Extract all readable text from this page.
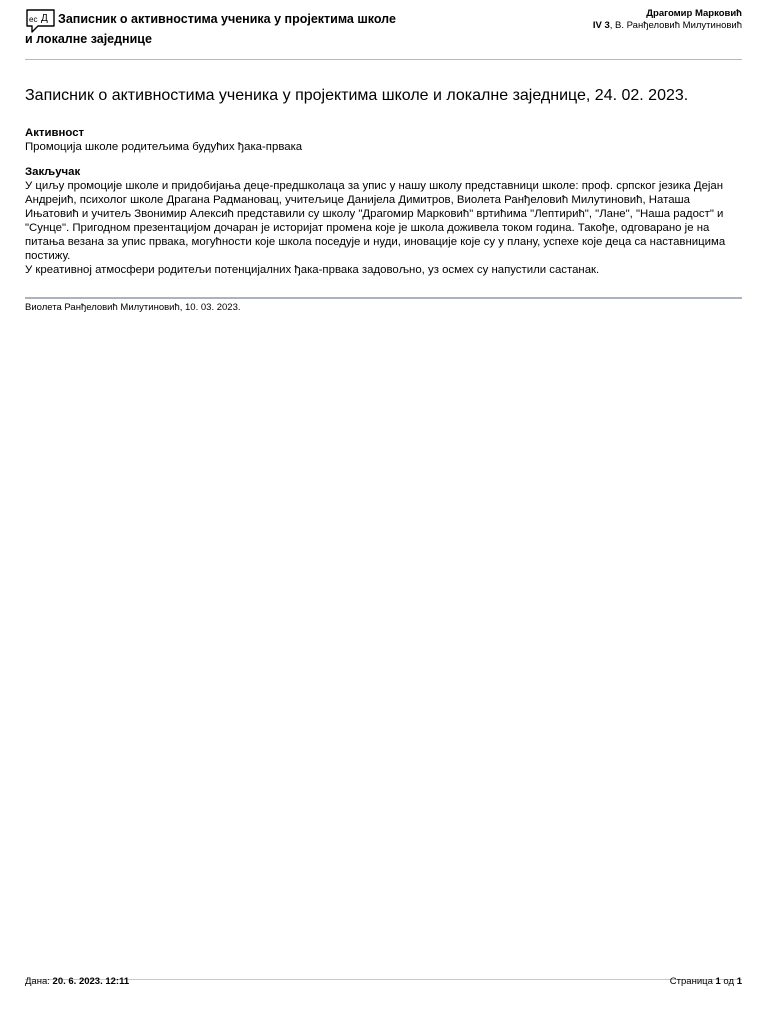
ес Д Записник о активностима ученика у пројектима школе и локалне заједнице
Драгомир Марковић
IV 3, В. Ранђеловић Милутиновић
Записник о активностима ученика у пројектима школе и локалне заједнице, 24. 02. 2023.
Активност
Промоција школе родитељима будућих ђака-првака
Закључак
У циљу промоције школе и придобијања деце-предшколаца за упис у нашу школу представници школе: проф. српског језика Дејан Андрејић, психолог школе Драгана Радмановац, учитељице Данијела Димитров, Виолета Ранђеловић Милутиновић, Наташа Ињатовић и учитељ Звонимир Алексић представили су школу "Драгомир Марковић" вртићима "Лептирић", "Лане", "Наша радост" и "Сунце". Пригодном презентацијом дочаран је историјат промена које је школа доживела током година. Такође, одговарано је на питања везана за упис првака, могућности које школа поседује и нуди, иновације које су у плану, успехе које деца са наставницима постижу.
У креативној атмосфери родитељи потенцијалних ђака-првака задовољно, уз осмех су напустили састанак.
Виолета Ранђеловић Милутиновић, 10. 03. 2023.
Дана: 20. 6. 2023. 12:11	Страница 1 од 1
